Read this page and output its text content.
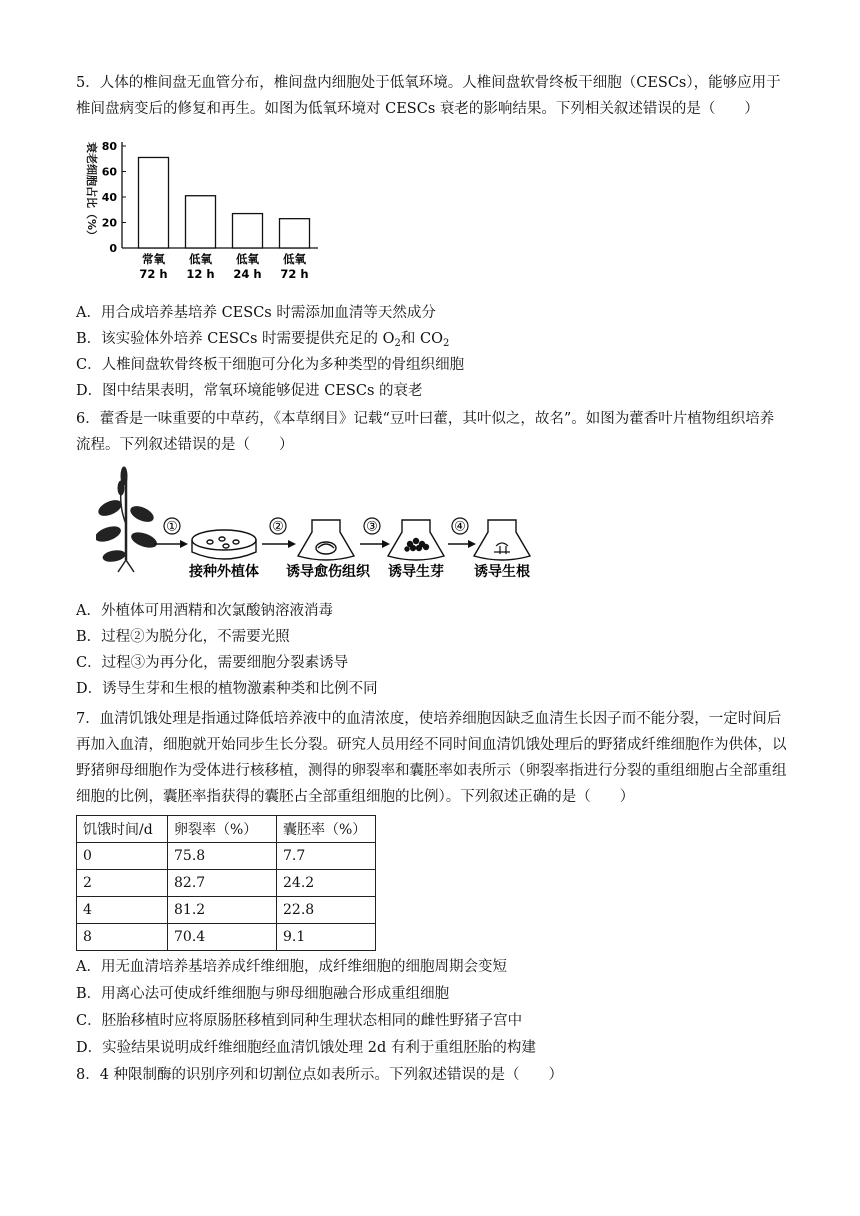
5．人体的椎间盘无血管分布，椎间盘内细胞处于低氧环境。人椎间盘软骨终板干细胞（CESCs），能够应用于椎间盘病变后的修复和再生。如图为低氧环境对 CESCs 衰老的影响结果。下列相关叙述错误的是（　　）

衰老细胞占比（%）
0
20
40
60
80
常氧
72 h
低氧
12 h
低氧
24 h
低氧
72 h

A．用合成培养基培养 CESCs 时需添加血清等天然成分

B．该实验体外培养 CESCs 时需要提供充足的 $O_2$和 $CO_2$

C．人椎间盘软骨终板干细胞可分化为多种类型的骨组织细胞

D．图中结果表明，常氧环境能够促进 CESCs 的衰老

6．藿香是一味重要的中草药，《本草纲目》记载“豆叶曰藿，其叶似之，故名”。如图为藿香叶片植物组织培养流程。下列叙述错误的是（　　）

①
接种外植体
②
诱导愈伤组织
③
诱导生芽
④
诱导生根

A．外植体可用酒精和次氯酸钠溶液消毒

B．过程②为脱分化，不需要光照

C．过程③为再分化，需要细胞分裂素诱导

D．诱导生芽和生根的植物激素种类和比例不同

7．血清饥饿处理是指通过降低培养液中的血清浓度，使培养细胞因缺乏血清生长因子而不能分裂，一定时间后再加入血清，细胞就开始同步生长分裂。研究人员用经不同时间血清饥饿处理后的野猪成纤维细胞作为供体，以野猪卵母细胞作为受体进行核移植，测得的卵裂率和囊胚率如表所示（卵裂率指进行分裂的重组细胞占全部重组细胞的比例，囊胚率指获得的囊胚占全部重组细胞的比例）。下列叙述正确的是（　　）

饥饿时间/d	卵裂率（%）	囊胚率（%）
0	75.8	7.7
2	82.7	24.2
4	81.2	22.8
8	70.4	9.1

A．用无血清培养基培养成纤维细胞，成纤维细胞的细胞周期会变短

B．用离心法可使成纤维细胞与卵母细胞融合形成重组细胞

C．胚胎移植时应将原肠胚移植到同种生理状态相同的雌性野猪子宫中

D．实验结果说明成纤维细胞经血清饥饿处理 2d 有利于重组胚胎的构建

8．4 种限制酶的识别序列和切割位点如表所示。下列叙述错误的是（　　）
